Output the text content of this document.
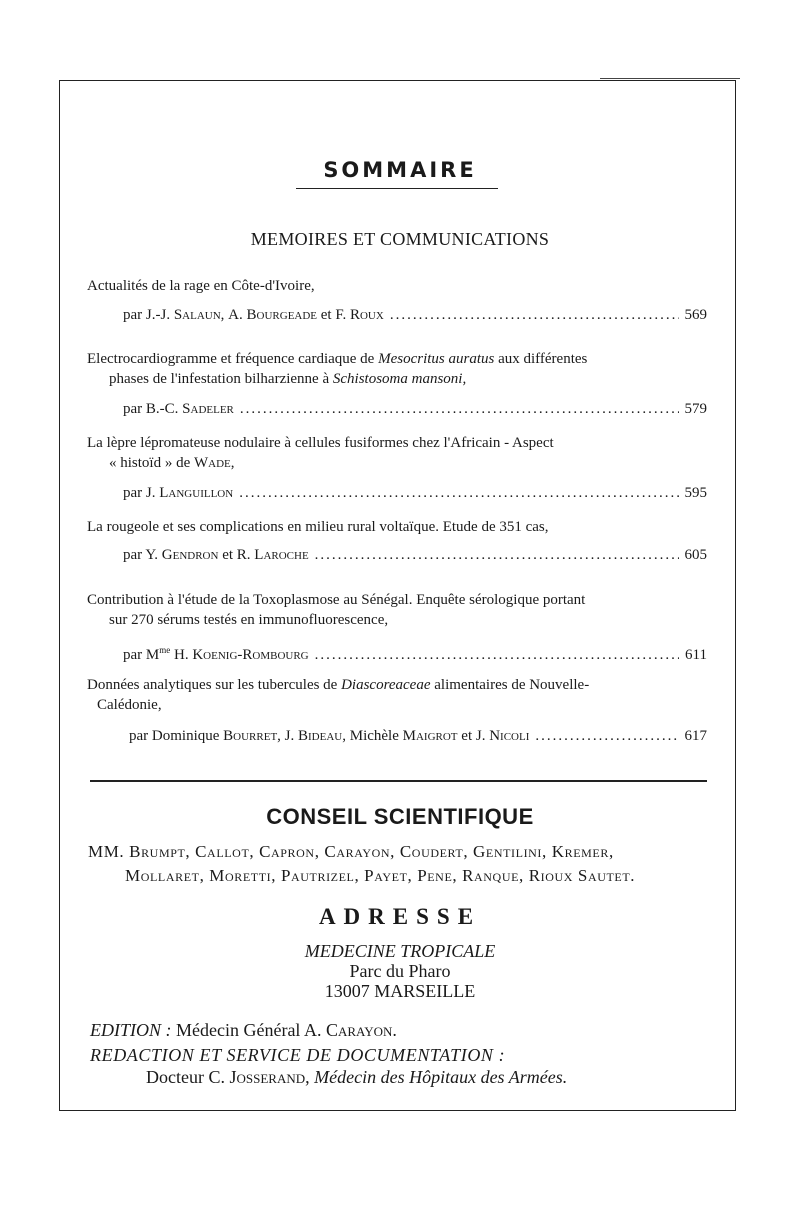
SOMMAIRE
MEMOIRES ET COMMUNICATIONS
Actualités de la rage en Côte-d'Ivoire,
par J.-J. Salaun, A. Bourgeade et F. Roux .....	569
Electrocardiogramme et fréquence cardiaque de Mesocritus auratus aux différentes
phases de l'infestation bilharzienne à Schistosoma mansoni,
par B.-C. Sadeler .....	579
La lèpre lépromateuse nodulaire à cellules fusiformes chez l'Africain - Aspect
« histoïd » de Wade,
par J. Languillon .....	595
La rougeole et ses complications en milieu rural voltaïque. Etude de 351 cas,
par Y. Gendron et R. Laroche .....	605
Contribution à l'étude de la Toxoplasmose au Sénégal. Enquête sérologique portant
sur 270 sérums testés en immunofluorescence,
par $M^{me}$ H. Koenig-Rombourg .....	611
Données analytiques sur les tubercules de Diascoreaceae alimentaires de Nouvelle-
Calédonie,
par Dominique Bourret, J. Bideau, Michèle Maigrot et J. Nicoli .....	617
CONSEIL SCIENTIFIQUE
MM. Brumpt, Callot, Capron, Carayon, Coudert, Gentilini, Kremer,
Mollaret, Moretti, Pautrizel, Payet, Pene, Ranque, Rioux Sautet.
ADRESSE
MEDECINE TROPICALE
Parc du Pharo
13007 MARSEILLE
EDITION : Médecin Général A. Carayon.
REDACTION ET SERVICE DE DOCUMENTATION :
Docteur C. Josserand, Médecin des Hôpitaux des Armées.
